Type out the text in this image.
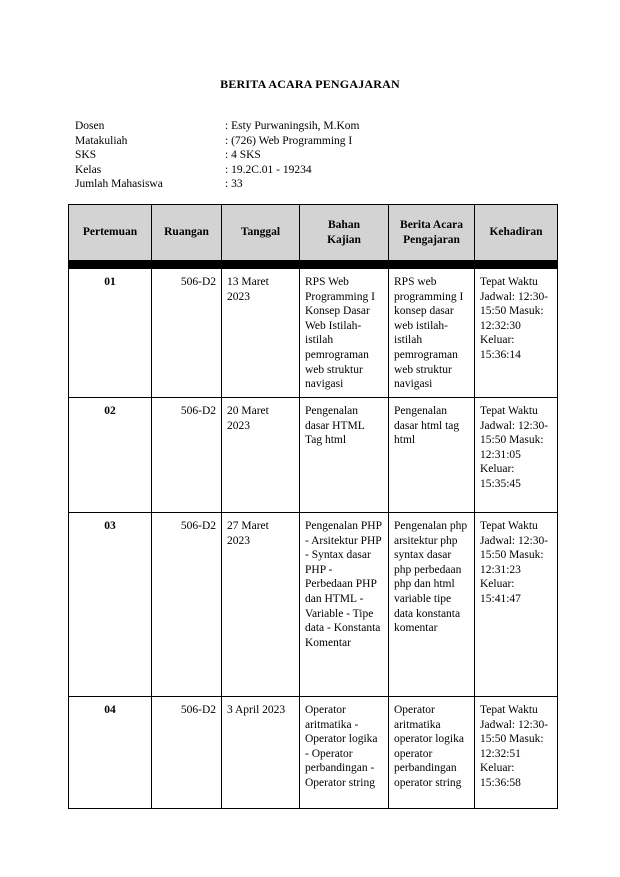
BERITA ACARA PENGAJARAN
Dosen	: Esty Purwaningsih, M.Kom
Matakuliah	: (726) Web Programming I
SKS	: 4 SKS
Kelas	: 19.2C.01 - 19234
Jumlah Mahasiswa	: 33
Pertemuan	Ruangan	Tanggal	Bahan Kajian	Berita Acara Pengajaran	Kehadiran

01	506-D2	13 Maret 2023	RPS Web Programming I Konsep Dasar Web Istilah-istilah pemrograman web struktur navigasi	RPS web programming I konsep dasar web istilah-istilah pemrograman web struktur navigasi	Tepat Waktu Jadwal: 12:30-15:50 Masuk: 12:32:30 Keluar: 15:36:14
02	506-D2	20 Maret 2023	Pengenalan dasar HTML Tag html	Pengenalan dasar html tag html	Tepat Waktu Jadwal: 12:30-15:50 Masuk: 12:31:05 Keluar: 15:35:45
03	506-D2	27 Maret 2023	Pengenalan PHP - Arsitektur PHP - Syntax dasar PHP - Perbedaan PHP dan HTML - Variable - Tipe data - Konstanta Komentar	Pengenalan php arsitektur php syntax dasar php perbedaan php dan html variable tipe data konstanta komentar	Tepat Waktu Jadwal: 12:30-15:50 Masuk: 12:31:23 Keluar: 15:41:47
04	506-D2	3 April 2023	Operator aritmatika - Operator logika - Operator perbandingan - Operator string	Operator aritmatika operator logika operator perbandingan operator string	Tepat Waktu Jadwal: 12:30-15:50 Masuk: 12:32:51 Keluar: 15:36:58
